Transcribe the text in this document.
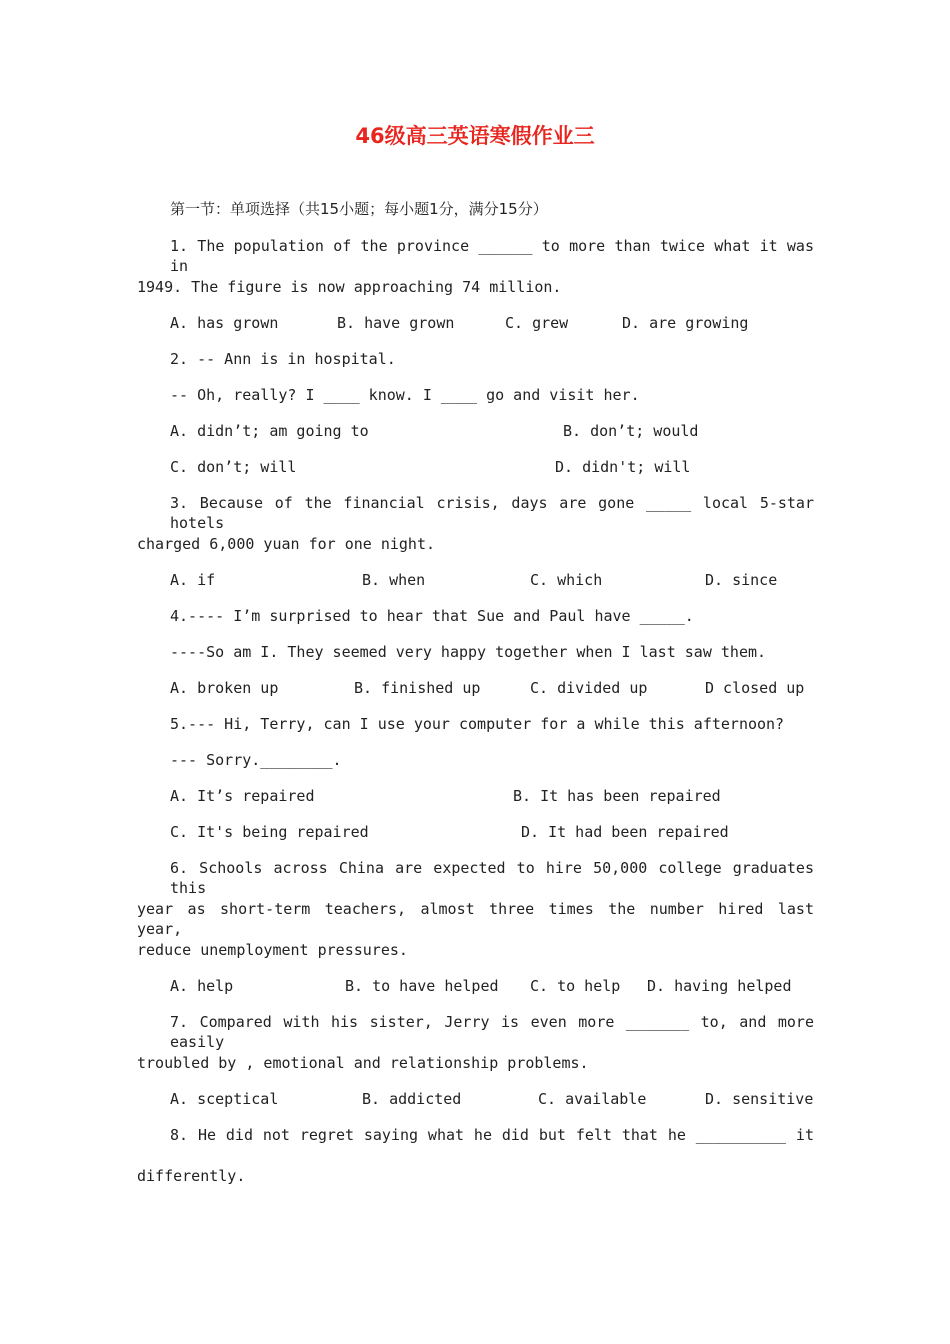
46级高三英语寒假作业三
第一节：单项选择（共15小题；每小题1分，满分15分）
1. The population of the province ______ to more than twice what it was in
1949. The figure is now approaching 74 million.
A. has grown	B. have grown	C. grew	D. are growing
2. -- Ann is in hospital.
-- Oh, really? I ____ know. I ____ go and visit her.
A. didn’t; am going to	B. don’t; would
C. don’t; will	D. didn't; will
3. Because of the financial crisis, days are gone _____ local 5-star hotels
charged 6,000 yuan for one night.
A. if	B. when	C. which	D. since
4.---- I’m surprised to hear that Sue and Paul have _____.
----So am I. They seemed very happy together when I last saw them.
A. broken up	B. finished up	C. divided up	D closed up
5.--- Hi, Terry, can I use your computer for a while this afternoon?
--- Sorry.________.
A. It’s repaired	B. It has been repaired
C. It's being repaired	D. It had been repaired
6. Schools across China are expected to hire 50,000 college graduates this
year as short-term teachers, almost three times the number hired last year,
reduce unemployment pressures.
A. help	B. to have helped C. to help D. having helped
7. Compared with his sister, Jerry is even more _______ to, and more easily
troubled by , emotional and relationship problems.
A. sceptical	B. addicted	C. available	D. sensitive
8. He did not regret saying what he did but felt that he __________ it
differently.
